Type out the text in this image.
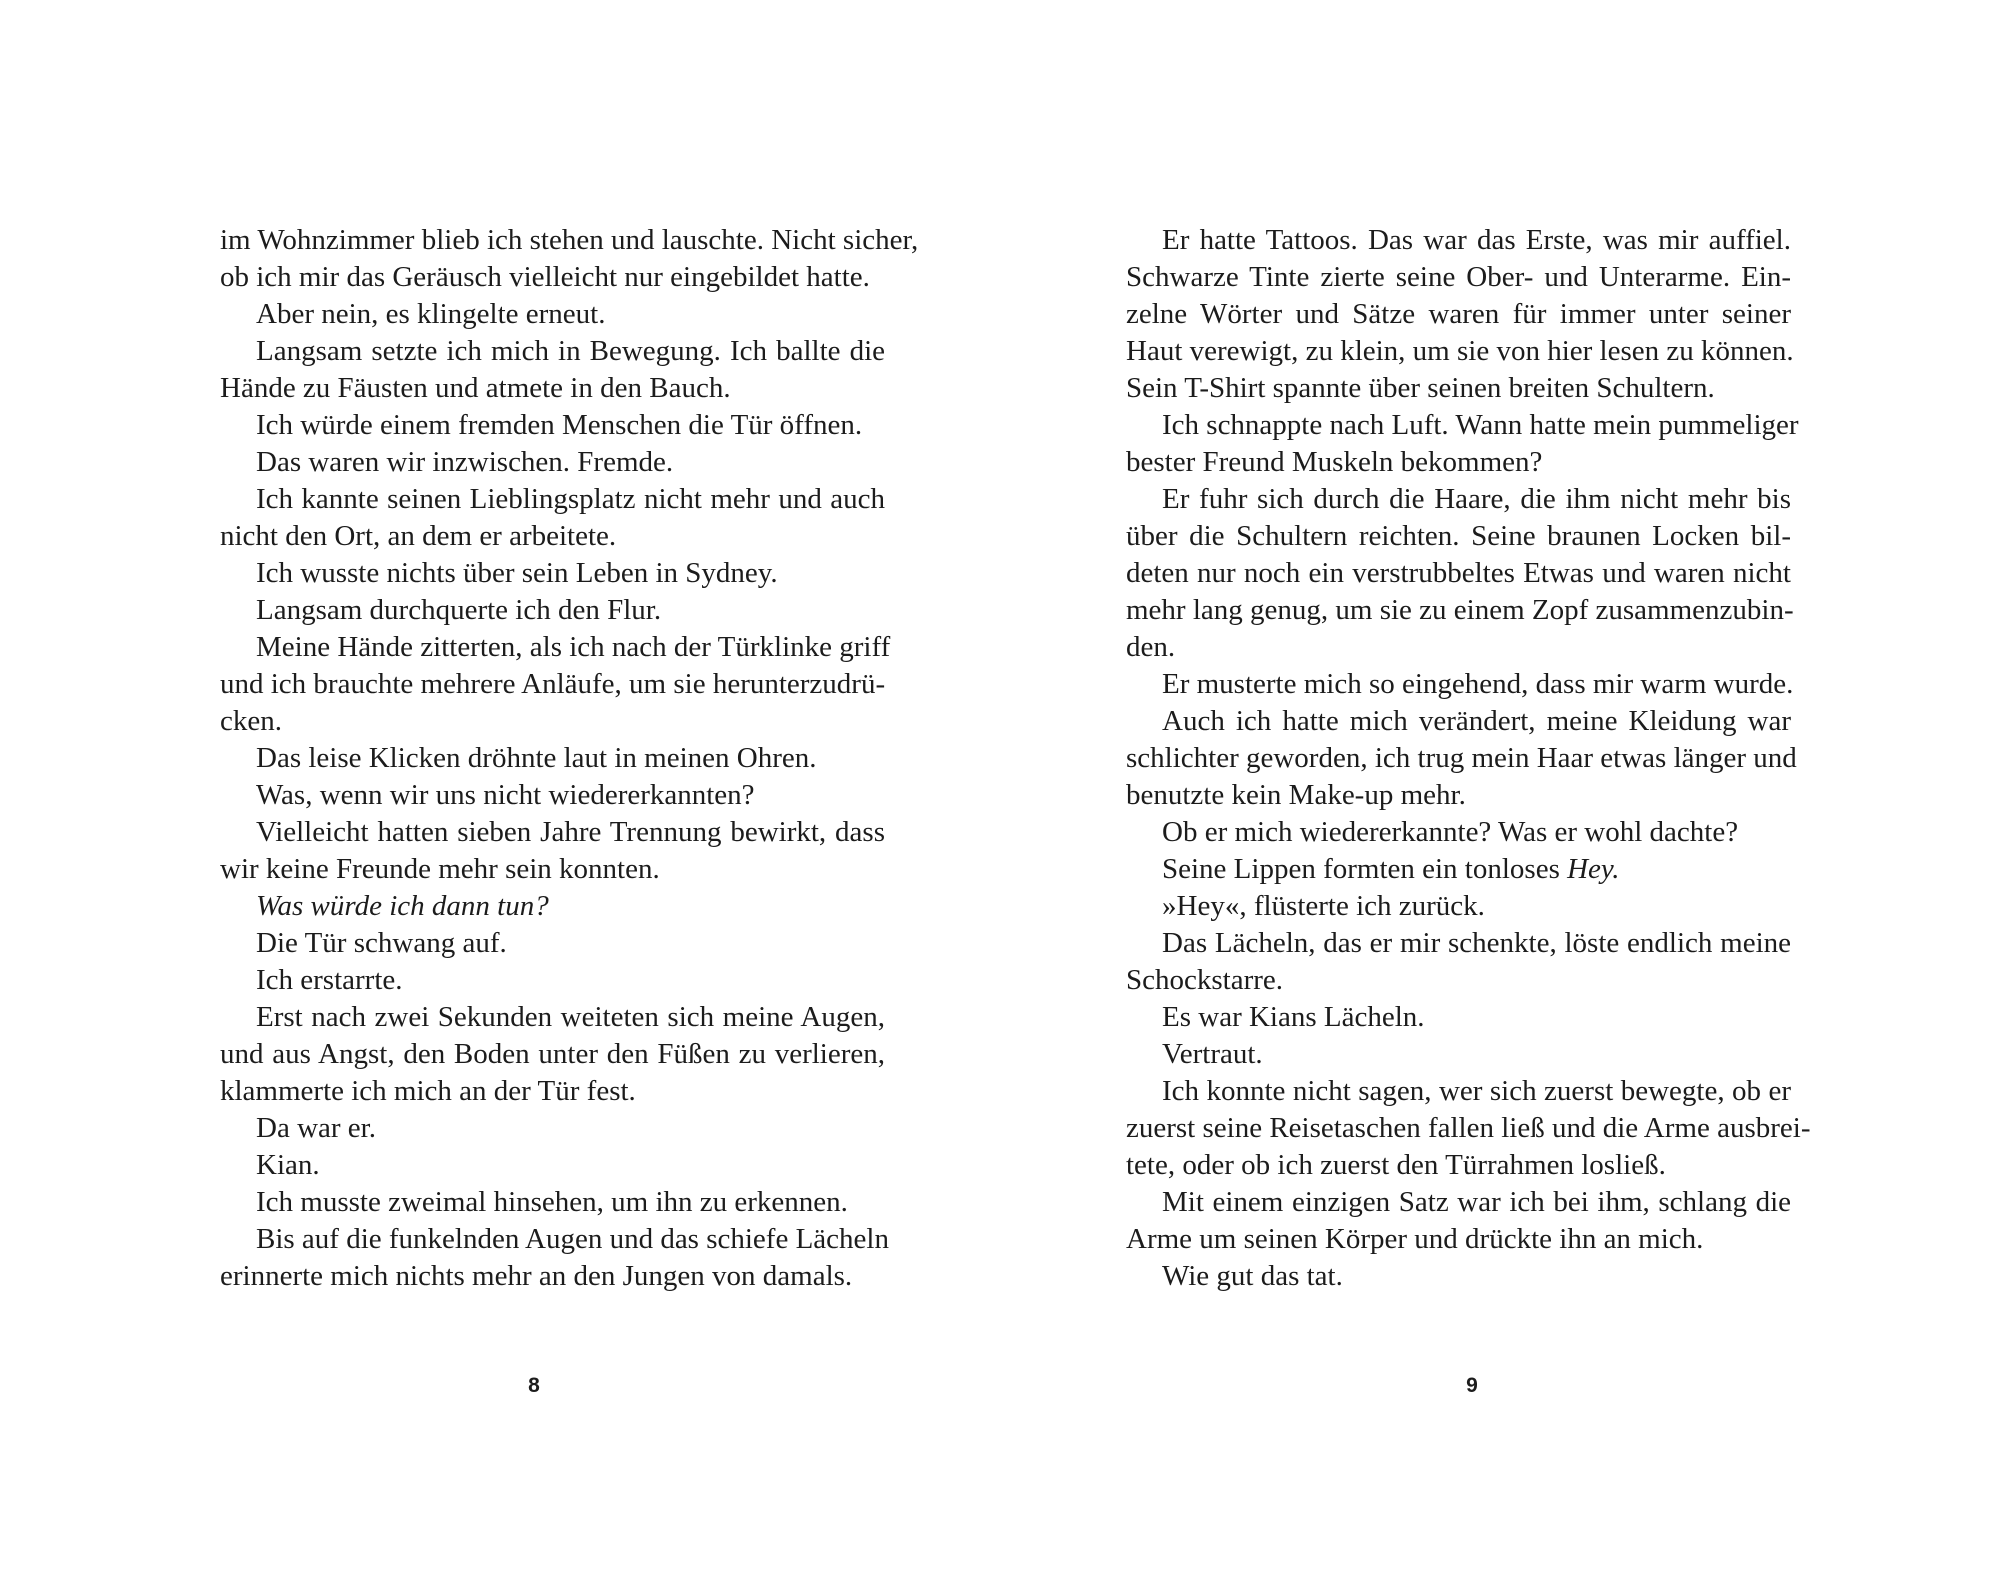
im Wohnzimmer blieb ich stehen und lauschte. Nicht sicher,
ob ich mir das Geräusch vielleicht nur eingebildet hatte.
Aber nein, es klingelte erneut.
Langsam setzte ich mich in Bewegung. Ich ballte die
Hände zu Fäusten und atmete in den Bauch.
Ich würde einem fremden Menschen die Tür öffnen.
Das waren wir inzwischen. Fremde.
Ich kannte seinen Lieblingsplatz nicht mehr und auch
nicht den Ort, an dem er arbeitete.
Ich wusste nichts über sein Leben in Sydney.
Langsam durchquerte ich den Flur.
Meine Hände zitterten, als ich nach der Türklinke griff
und ich brauchte mehrere Anläufe, um sie herunterzudrü-
cken.
Das leise Klicken dröhnte laut in meinen Ohren.
Was, wenn wir uns nicht wiedererkannten?
Vielleicht hatten sieben Jahre Trennung bewirkt, dass
wir keine Freunde mehr sein konnten.
Was würde ich dann tun?
Die Tür schwang auf.
Ich erstarrte.
Erst nach zwei Sekunden weiteten sich meine Augen,
und aus Angst, den Boden unter den Füßen zu verlieren,
klammerte ich mich an der Tür fest.
Da war er.
Kian.
Ich musste zweimal hinsehen, um ihn zu erkennen.
Bis auf die funkelnden Augen und das schiefe Lächeln
erinnerte mich nichts mehr an den Jungen von damals.
Er hatte Tattoos. Das war das Erste, was mir auffiel.
Schwarze Tinte zierte seine Ober- und Unterarme. Ein-
zelne Wörter und Sätze waren für immer unter seiner
Haut verewigt, zu klein, um sie von hier lesen zu können.
Sein T-Shirt spannte über seinen breiten Schultern.
Ich schnappte nach Luft. Wann hatte mein pummeliger
bester Freund Muskeln bekommen?
Er fuhr sich durch die Haare, die ihm nicht mehr bis
über die Schultern reichten. Seine braunen Locken bil-
deten nur noch ein verstrubbeltes Etwas und waren nicht
mehr lang genug, um sie zu einem Zopf zusammenzubin-
den.
Er musterte mich so eingehend, dass mir warm wurde.
Auch ich hatte mich verändert, meine Kleidung war
schlichter geworden, ich trug mein Haar etwas länger und
benutzte kein Make-up mehr.
Ob er mich wiedererkannte? Was er wohl dachte?
Seine Lippen formten ein tonloses Hey.
»Hey«, flüsterte ich zurück.
Das Lächeln, das er mir schenkte, löste endlich meine
Schockstarre.
Es war Kians Lächeln.
Vertraut.
Ich konnte nicht sagen, wer sich zuerst bewegte, ob er
zuerst seine Reisetaschen fallen ließ und die Arme ausbrei-
tete, oder ob ich zuerst den Türrahmen losließ.
Mit einem einzigen Satz war ich bei ihm, schlang die
Arme um seinen Körper und drückte ihn an mich.
Wie gut das tat.
8	9
